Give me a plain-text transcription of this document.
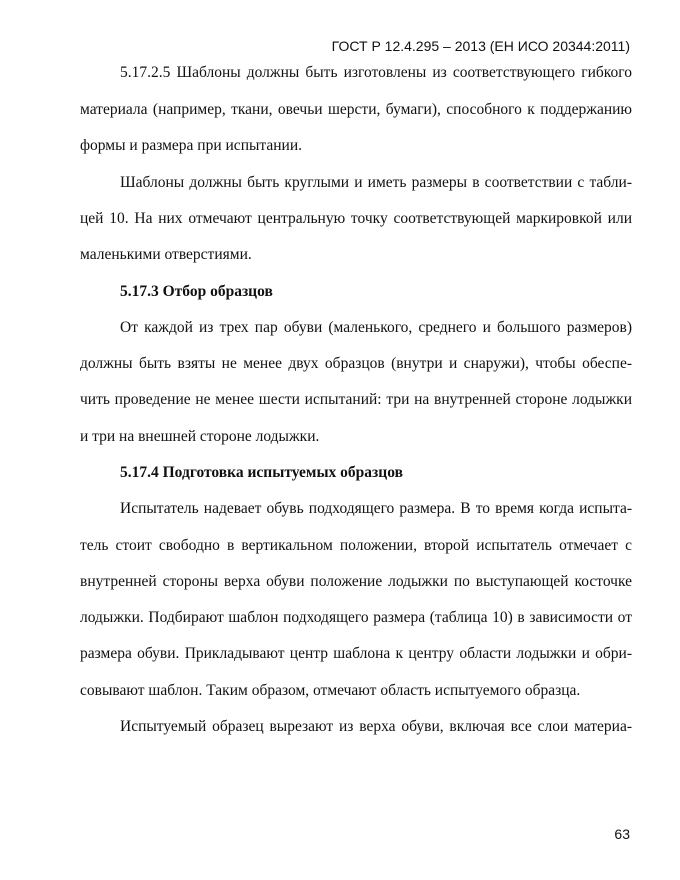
ГОСТ Р 12.4.295 – 2013 (ЕН ИСО 20344:2011)
5.17.2.5 Шаблоны должны быть изготовлены из соответствующего гибкого
материала (например, ткани, овечьи шерсти, бумаги), способного к поддержанию
формы и размера при испытании.
Шаблоны должны быть круглыми и иметь размеры в соответствии с табли-
цей 10. На них отмечают центральную точку соответствующей маркировкой или
маленькими отверстиями.
5.17.3 Отбор образцов
От каждой из трех пар обуви (маленького, среднего и большого размеров)
должны быть взяты не менее двух образцов (внутри и снаружи), чтобы обеспе-
чить проведение не менее шести испытаний: три на внутренней стороне лодыжки
и три на внешней стороне лодыжки.
5.17.4 Подготовка испытуемых образцов
Испытатель надевает обувь подходящего размера. В то время когда испыта-
тель стоит свободно в вертикальном положении, второй испытатель отмечает с
внутренней стороны верха обуви положение лодыжки по выступающей косточке
лодыжки. Подбирают шаблон подходящего размера (таблица 10) в зависимости от
размера обуви. Прикладывают центр шаблона к центру области лодыжки и обри-
совывают шаблон. Таким образом, отмечают область испытуемого образца.
Испытуемый образец вырезают из верха обуви, включая все слои материа-
63
